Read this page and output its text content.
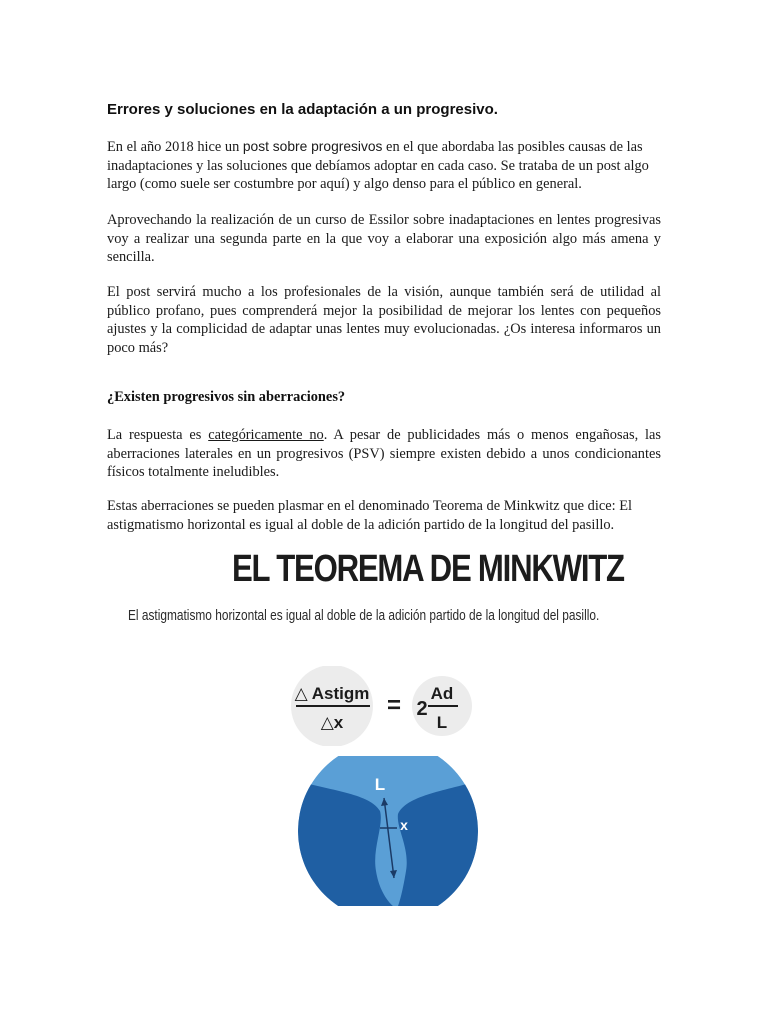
Errores y soluciones en la adaptación a un progresivo.

En el año 2018 hice un post sobre progresivos en el que abordaba las posibles causas de las inadaptaciones y las soluciones que debíamos adoptar en cada caso. Se trataba de un post algo largo (como suele ser costumbre por aquí) y algo denso para el público en general.

Aprovechando la realización de un curso de Essilor sobre inadaptaciones en lentes progresivas voy a realizar una segunda parte en la que voy a elaborar una exposición algo más amena y sencilla.

El post servirá mucho a los profesionales de la visión, aunque también será de utilidad al público profano, pues comprenderá mejor la posibilidad de mejorar los lentes con pequeños ajustes y la complicidad de adaptar unas lentes muy evolucionadas. ¿Os interesa informaros un poco más?

¿Existen progresivos sin aberraciones?

La respuesta es categóricamente no. A pesar de publicidades más o menos engañosas, las aberraciones laterales en un progresivos (PSV) siempre existen debido a unos condicionantes físicos totalmente ineludibles.

Estas aberraciones se pueden plasmar en el denominado Teorema de Minkwitz que dice: El astigmatismo horizontal es igual al doble de la adición partido de la longitud del pasillo.

EL TEOREMA DE MINKWITZ
El astigmatismo horizontal es igual al doble de la adición partido de la longitud del pasillo.
△ Astigm
△x
= 2
Ad
L
L
x
